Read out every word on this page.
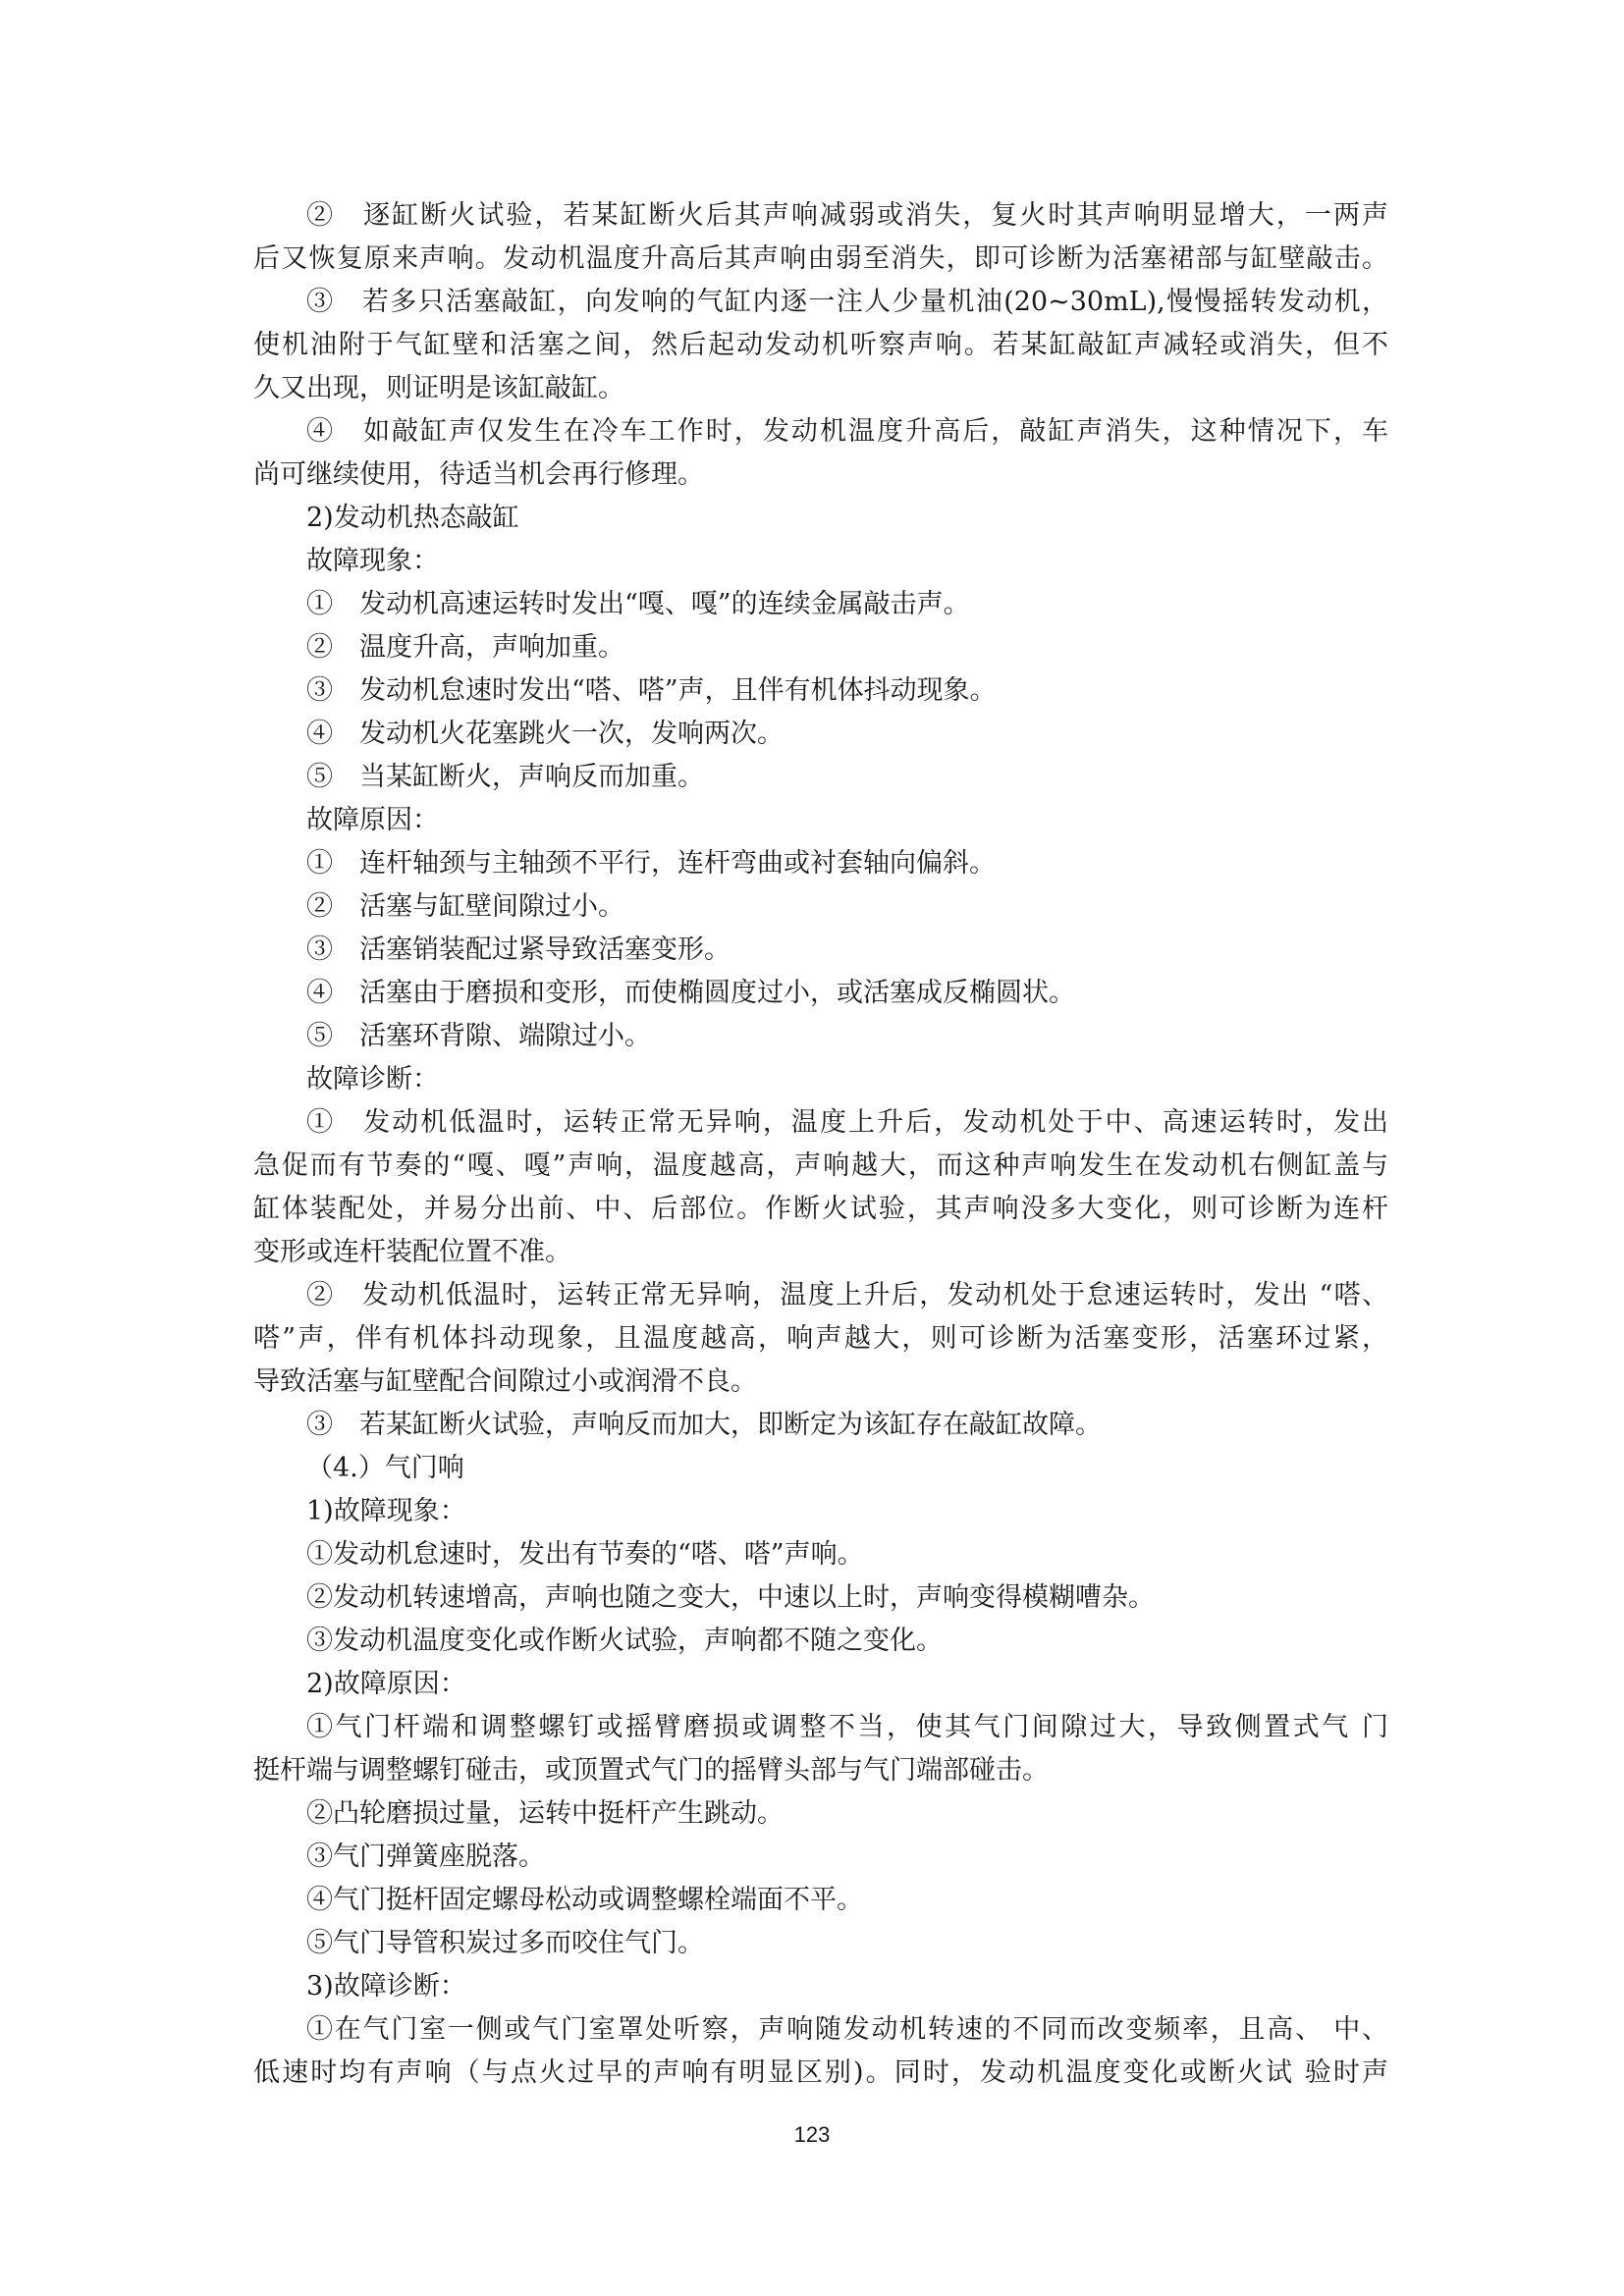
②　逐缸断火试验，若某缸断火后其声响减弱或消失，复火时其声响明显增大，一两声
后又恢复原来声响。发动机温度升高后其声响由弱至消失，即可诊断为活塞裙部与缸壁敲击。
③　若多只活塞敲缸，向发响的气缸内逐一注人少量机油(20~30mL),慢慢摇转发动机，
使机油附于气缸壁和活塞之间，然后起动发动机听察声响。若某缸敲缸声减轻或消失，但不
久又出现，则证明是该缸敲缸。
④　如敲缸声仅发生在冷车工作时，发动机温度升高后，敲缸声消失，这种情况下，车
尚可继续使用，待适当机会再行修理。
2)发动机热态敲缸
故障现象：
①　发动机高速运转时发出“嘎、嘎”的连续金属敲击声。
②　温度升高，声响加重。
③　发动机怠速时发出“嗒、嗒”声，且伴有机体抖动现象。
④　发动机火花塞跳火一次，发响两次。
⑤　当某缸断火，声响反而加重。
故障原因：
①　连杆轴颈与主轴颈不平行，连杆弯曲或衬套轴向偏斜。
②　活塞与缸壁间隙过小。
③　活塞销装配过紧导致活塞变形。
④　活塞由于磨损和变形，而使椭圆度过小，或活塞成反椭圆状。
⑤　活塞环背隙、端隙过小。
故障诊断：
①　发动机低温时，运转正常无异响，温度上升后，发动机处于中、高速运转时，发出
急促而有节奏的“嘎、嘎”声响，温度越高，声响越大，而这种声响发生在发动机右侧缸盖与
缸体装配处，并易分出前、中、后部位。作断火试验，其声响没多大变化，则可诊断为连杆
变形或连杆装配位置不准。
②　发动机低温时，运转正常无异响，温度上升后，发动机处于怠速运转时，发出 “嗒、
嗒”声，伴有机体抖动现象，且温度越高，响声越大，则可诊断为活塞变形，活塞环过紧，
导致活塞与缸壁配合间隙过小或润滑不良。
③　若某缸断火试验，声响反而加大，即断定为该缸存在敲缸故障。
（4.）气门响
1)故障现象：
①发动机怠速时，发出有节奏的“嗒、嗒”声响。
②发动机转速增高，声响也随之变大，中速以上时，声响变得模糊嘈杂。
③发动机温度变化或作断火试验，声响都不随之变化。
2)故障原因：
①气门杆端和调整螺钉或摇臂磨损或调整不当，使其气门间隙过大，导致侧置式气 门
挺杆端与调整螺钉碰击，或顶置式气门的摇臂头部与气门端部碰击。
②凸轮磨损过量，运转中挺杆产生跳动。
③气门弹簧座脱落。
④气门挺杆固定螺母松动或调整螺栓端面不平。
⑤气门导管积炭过多而咬住气门。
3)故障诊断：
①在气门室一侧或气门室罩处听察，声响随发动机转速的不同而改变频率，且高、 中、
低速时均有声响（与点火过早的声响有明显区别)。同时，发动机温度变化或断火试 验时声
123
